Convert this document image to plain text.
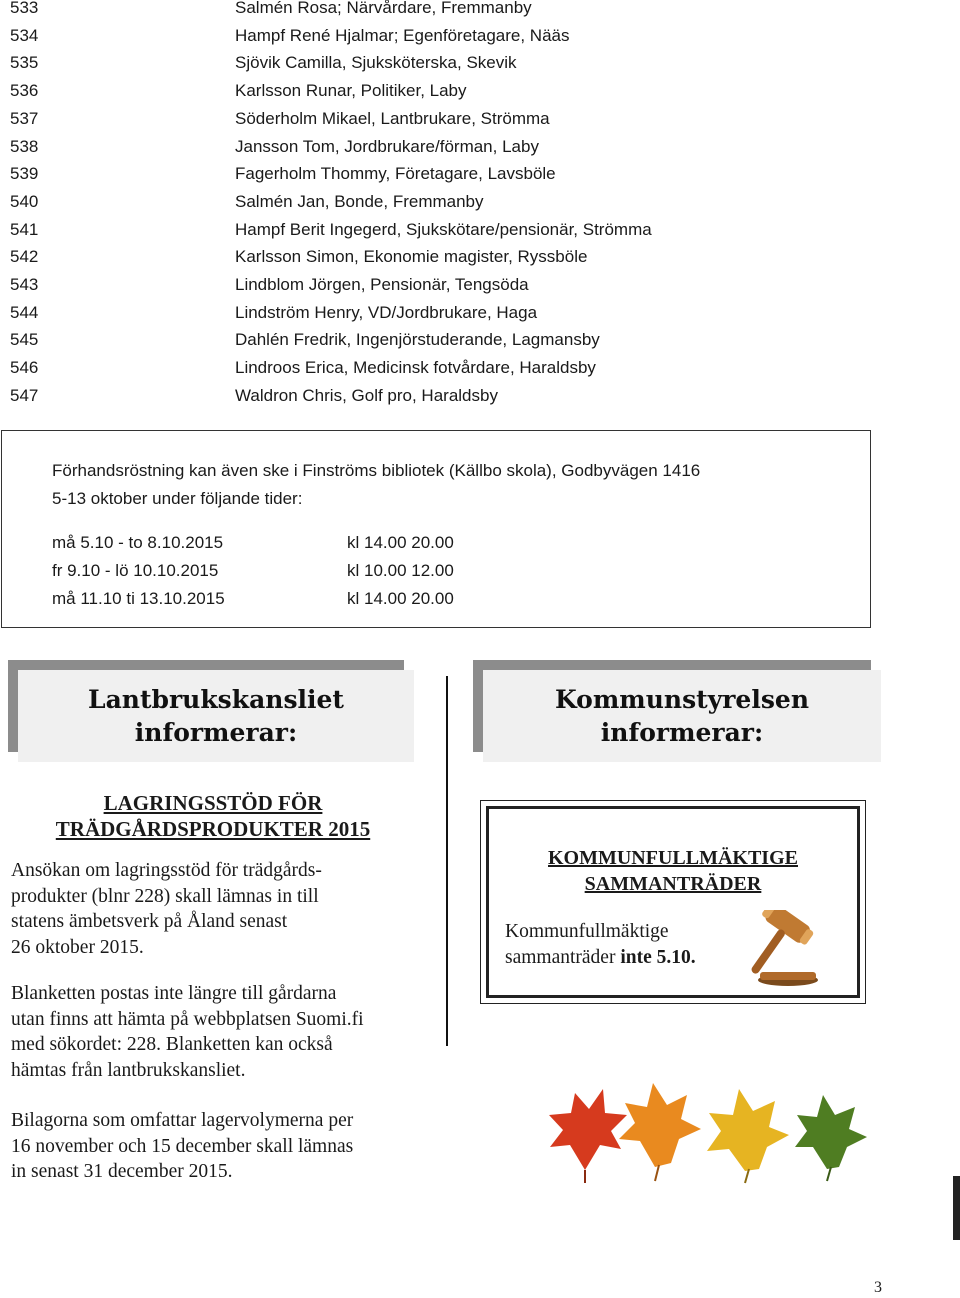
533	Salmén Rosa; Närvårdare, Fremmanby
534	Hampf René Hjalmar; Egenföretagare, Nääs
535	Sjövik Camilla, Sjuksköterska, Skevik
536	Karlsson Runar, Politiker, Laby
537	Söderholm Mikael, Lantbrukare, Strömma
538	Jansson Tom, Jordbrukare/förman, Laby
539	Fagerholm Thommy, Företagare, Lavsböle
540	Salmén Jan, Bonde, Fremmanby
541	Hampf Berit Ingegerd, Sjukskötare/pensionär, Strömma
542	Karlsson Simon, Ekonomie magister, Ryssböle
543	Lindblom Jörgen, Pensionär, Tengsöda
544	Lindström Henry, VD/Jordbrukare, Haga
545	Dahlén Fredrik, Ingenjörstuderande, Lagmansby
546	Lindroos Erica, Medicinsk fotvårdare, Haraldsby
547	Waldron Chris, Golf pro, Haraldsby
Förhandsröstning kan även ske i Finströms bibliotek (Källbo skola), Godbyvägen 1416
5-13 oktober under följande tider:
må 5.10 - to 8.10.2015	kl 14.00 20.00
fr 9.10 - lö 10.10.2015	kl 10.00 12.00
må 11.10 ti 13.10.2015	kl 14.00 20.00
Lantbrukskansliet
informerar:
Kommunstyrelsen
informerar:
LAGRINGSSTÖD FÖR
TRÄDGÅRDSPRODUKTER 2015
Ansökan om lagringsstöd för trädgårds-
produkter (blnr 228) skall lämnas in till
statens ämbetsverk på Åland senast
26 oktober 2015.
Blanketten postas inte längre till gårdarna
utan finns att hämta på webbplatsen Suomi.fi
med sökordet: 228. Blanketten kan också
hämtas från lantbrukskansliet.
Bilagorna som omfattar lagervolymerna per
16 november och 15 december skall lämnas
in senast 31 december 2015.
KOMMUNFULLMÄKTIGE
SAMMANTRÄDER
Kommunfullmäktige
sammanträder inte 5.10.
3
